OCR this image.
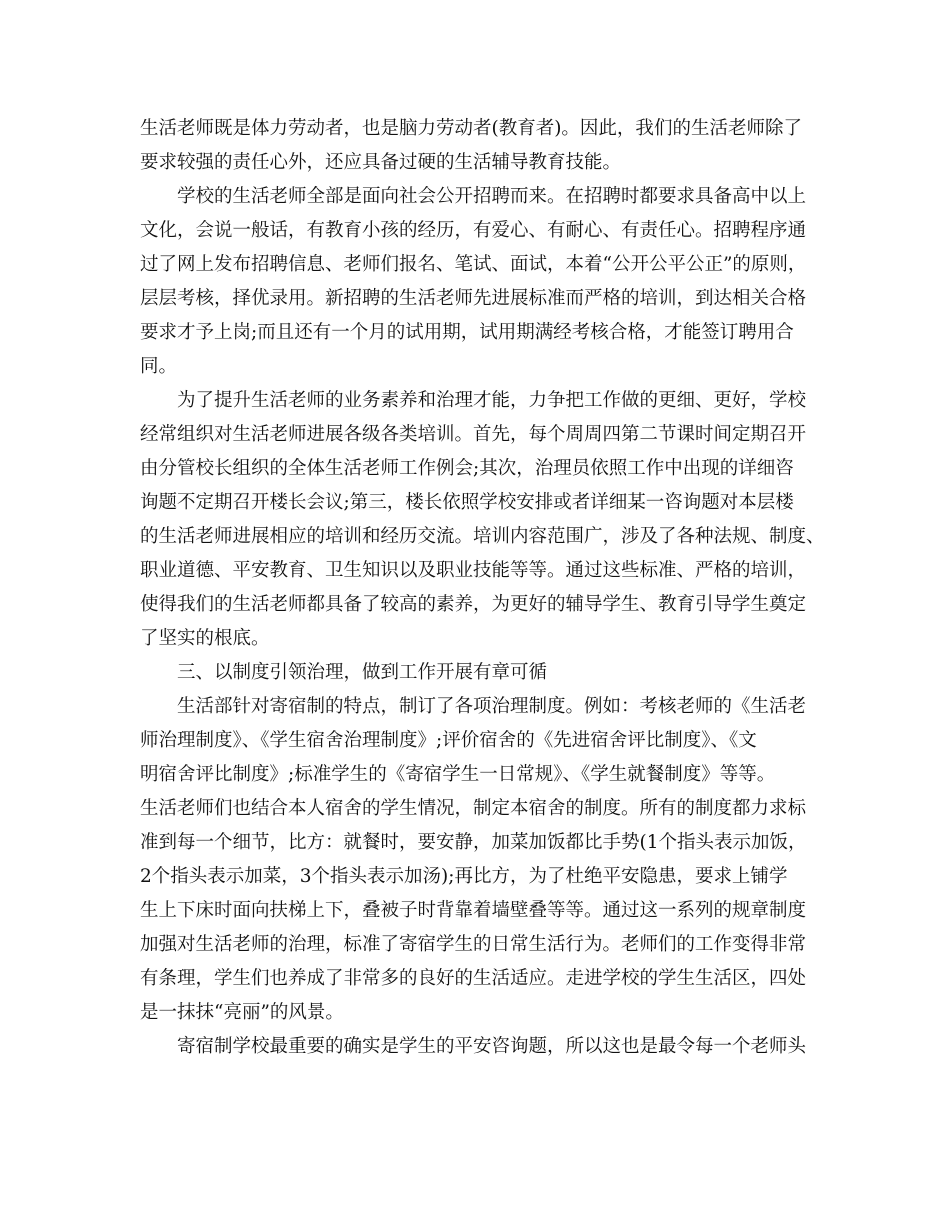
生活老师既是体力劳动者，也是脑力劳动者(教育者)。因此，我们的生活老师除了
要求较强的责任心外，还应具备过硬的生活辅导教育技能。
学校的生活老师全部是面向社会公开招聘而来。在招聘时都要求具备高中以上
文化，会说一般话，有教育小孩的经历，有爱心、有耐心、有责任心。招聘程序通
过了网上发布招聘信息、老师们报名、笔试、面试，本着“公开公平公正”的原则，
层层考核，择优录用。新招聘的生活老师先进展标准而严格的培训，到达相关合格
要求才予上岗;而且还有一个月的试用期，试用期满经考核合格，才能签订聘用合
同。
为了提升生活老师的业务素养和治理才能，力争把工作做的更细、更好，学校
经常组织对生活老师进展各级各类培训。首先，每个周周四第二节课时间定期召开
由分管校长组织的全体生活老师工作例会;其次，治理员依照工作中出现的详细咨
询题不定期召开楼长会议;第三，楼长依照学校安排或者详细某一咨询题对本层楼
的生活老师进展相应的培训和经历交流。培训内容范围广，涉及了各种法规、制度、
职业道德、平安教育、卫生知识以及职业技能等等。通过这些标准、严格的培训，
使得我们的生活老师都具备了较高的素养，为更好的辅导学生、教育引导学生奠定
了坚实的根底。
三、以制度引领治理，做到工作开展有章可循
生活部针对寄宿制的特点，制订了各项治理制度。例如：考核老师的《生活老
师治理制度》、《学生宿舍治理制度》;评价宿舍的《先进宿舍评比制度》、《文
明宿舍评比制度》;标准学生的《寄宿学生一日常规》、《学生就餐制度》等等。
生活老师们也结合本人宿舍的学生情况，制定本宿舍的制度。所有的制度都力求标
准到每一个细节，比方：就餐时，要安静，加菜加饭都比手势(1个指头表示加饭，
2个指头表示加菜，3个指头表示加汤);再比方，为了杜绝平安隐患，要求上铺学
生上下床时面向扶梯上下，叠被子时背靠着墙壁叠等等。通过这一系列的规章制度
加强对生活老师的治理，标准了寄宿学生的日常生活行为。老师们的工作变得非常
有条理，学生们也养成了非常多的良好的生活适应。走进学校的学生生活区，四处
是一抹抹“亮丽”的风景。
寄宿制学校最重要的确实是学生的平安咨询题，所以这也是最令每一个老师头
